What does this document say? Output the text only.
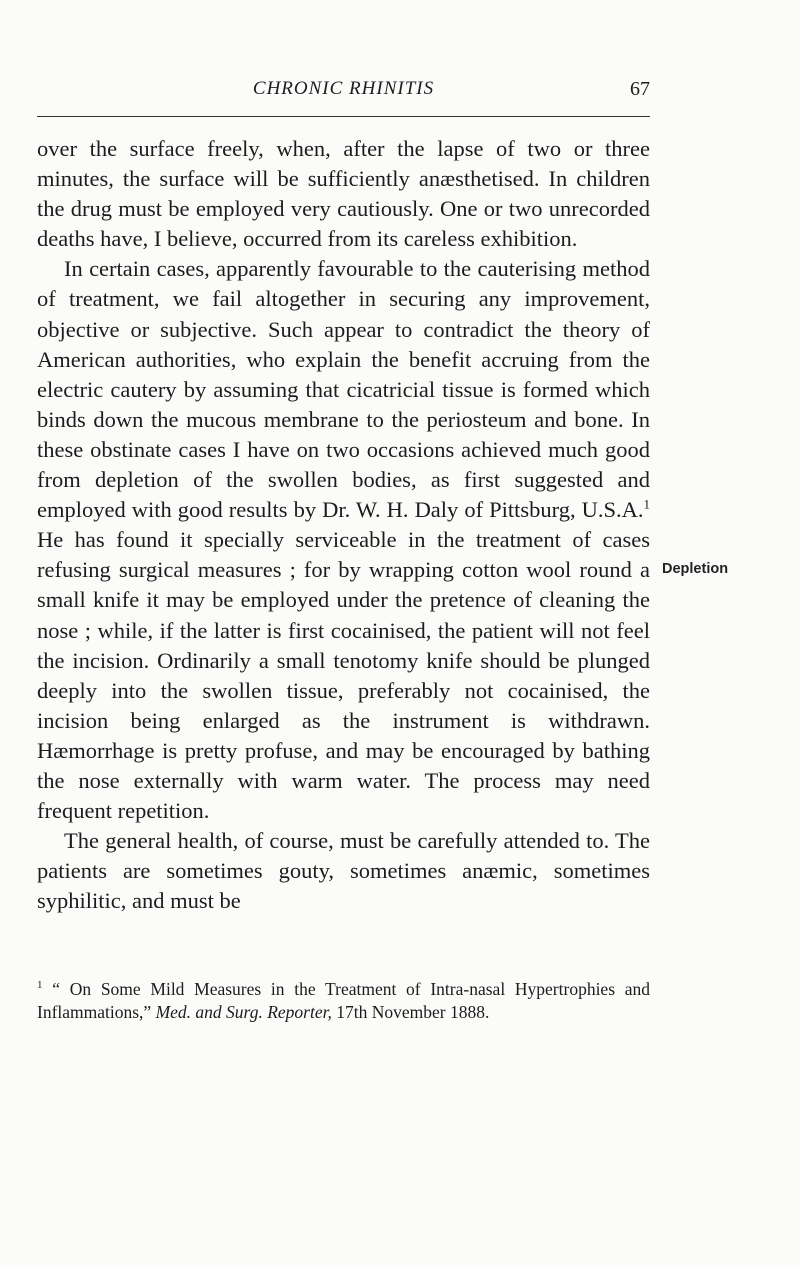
CHRONIC RHINITIS	67

over the surface freely, when, after the lapse of two or three minutes, the surface will be sufficiently anæsthetised. In children the drug must be employed very cautiously. One or two unrecorded deaths have, I believe, occurred from its careless exhibition.

In certain cases, apparently favourable to the cauterising method of treatment, we fail altogether in securing any improvement, objective or subjective. Such appear to contradict the theory of American authorities, who explain the benefit accruing from the electric cautery by assuming that cicatricial tissue is formed which binds down the mucous membrane to the periosteum and bone. In these obstinate cases I have on two occasions achieved much good from depletion of the swollen bodies, as first suggested and employed with good results by Dr. W. H. Daly of Pittsburg, U.S.A.$^1$ He has found it specially serviceable in the treatment of cases refusing surgical measures ; for by wrapping cotton wool round a small knife it may be employed under the pretence of cleaning the nose ; while, if the latter is first cocainised, the patient will not feel the incision. Ordinarily a small tenotomy knife should be plunged deeply into the swollen tissue, preferably not cocainised, the incision being enlarged as the instrument is withdrawn. Hæmorrhage is pretty profuse, and may be encouraged by bathing the nose externally with warm water. The process may need frequent repetition.

The general health, of course, must be carefully attended to. The patients are sometimes gouty, sometimes anæmic, sometimes syphilitic, and must be

Depletion
$^1$ “ On Some Mild Measures in the Treatment of Intra-nasal Hypertrophies and Inflammations,” Med. and Surg. Reporter, 17th November 1888.
